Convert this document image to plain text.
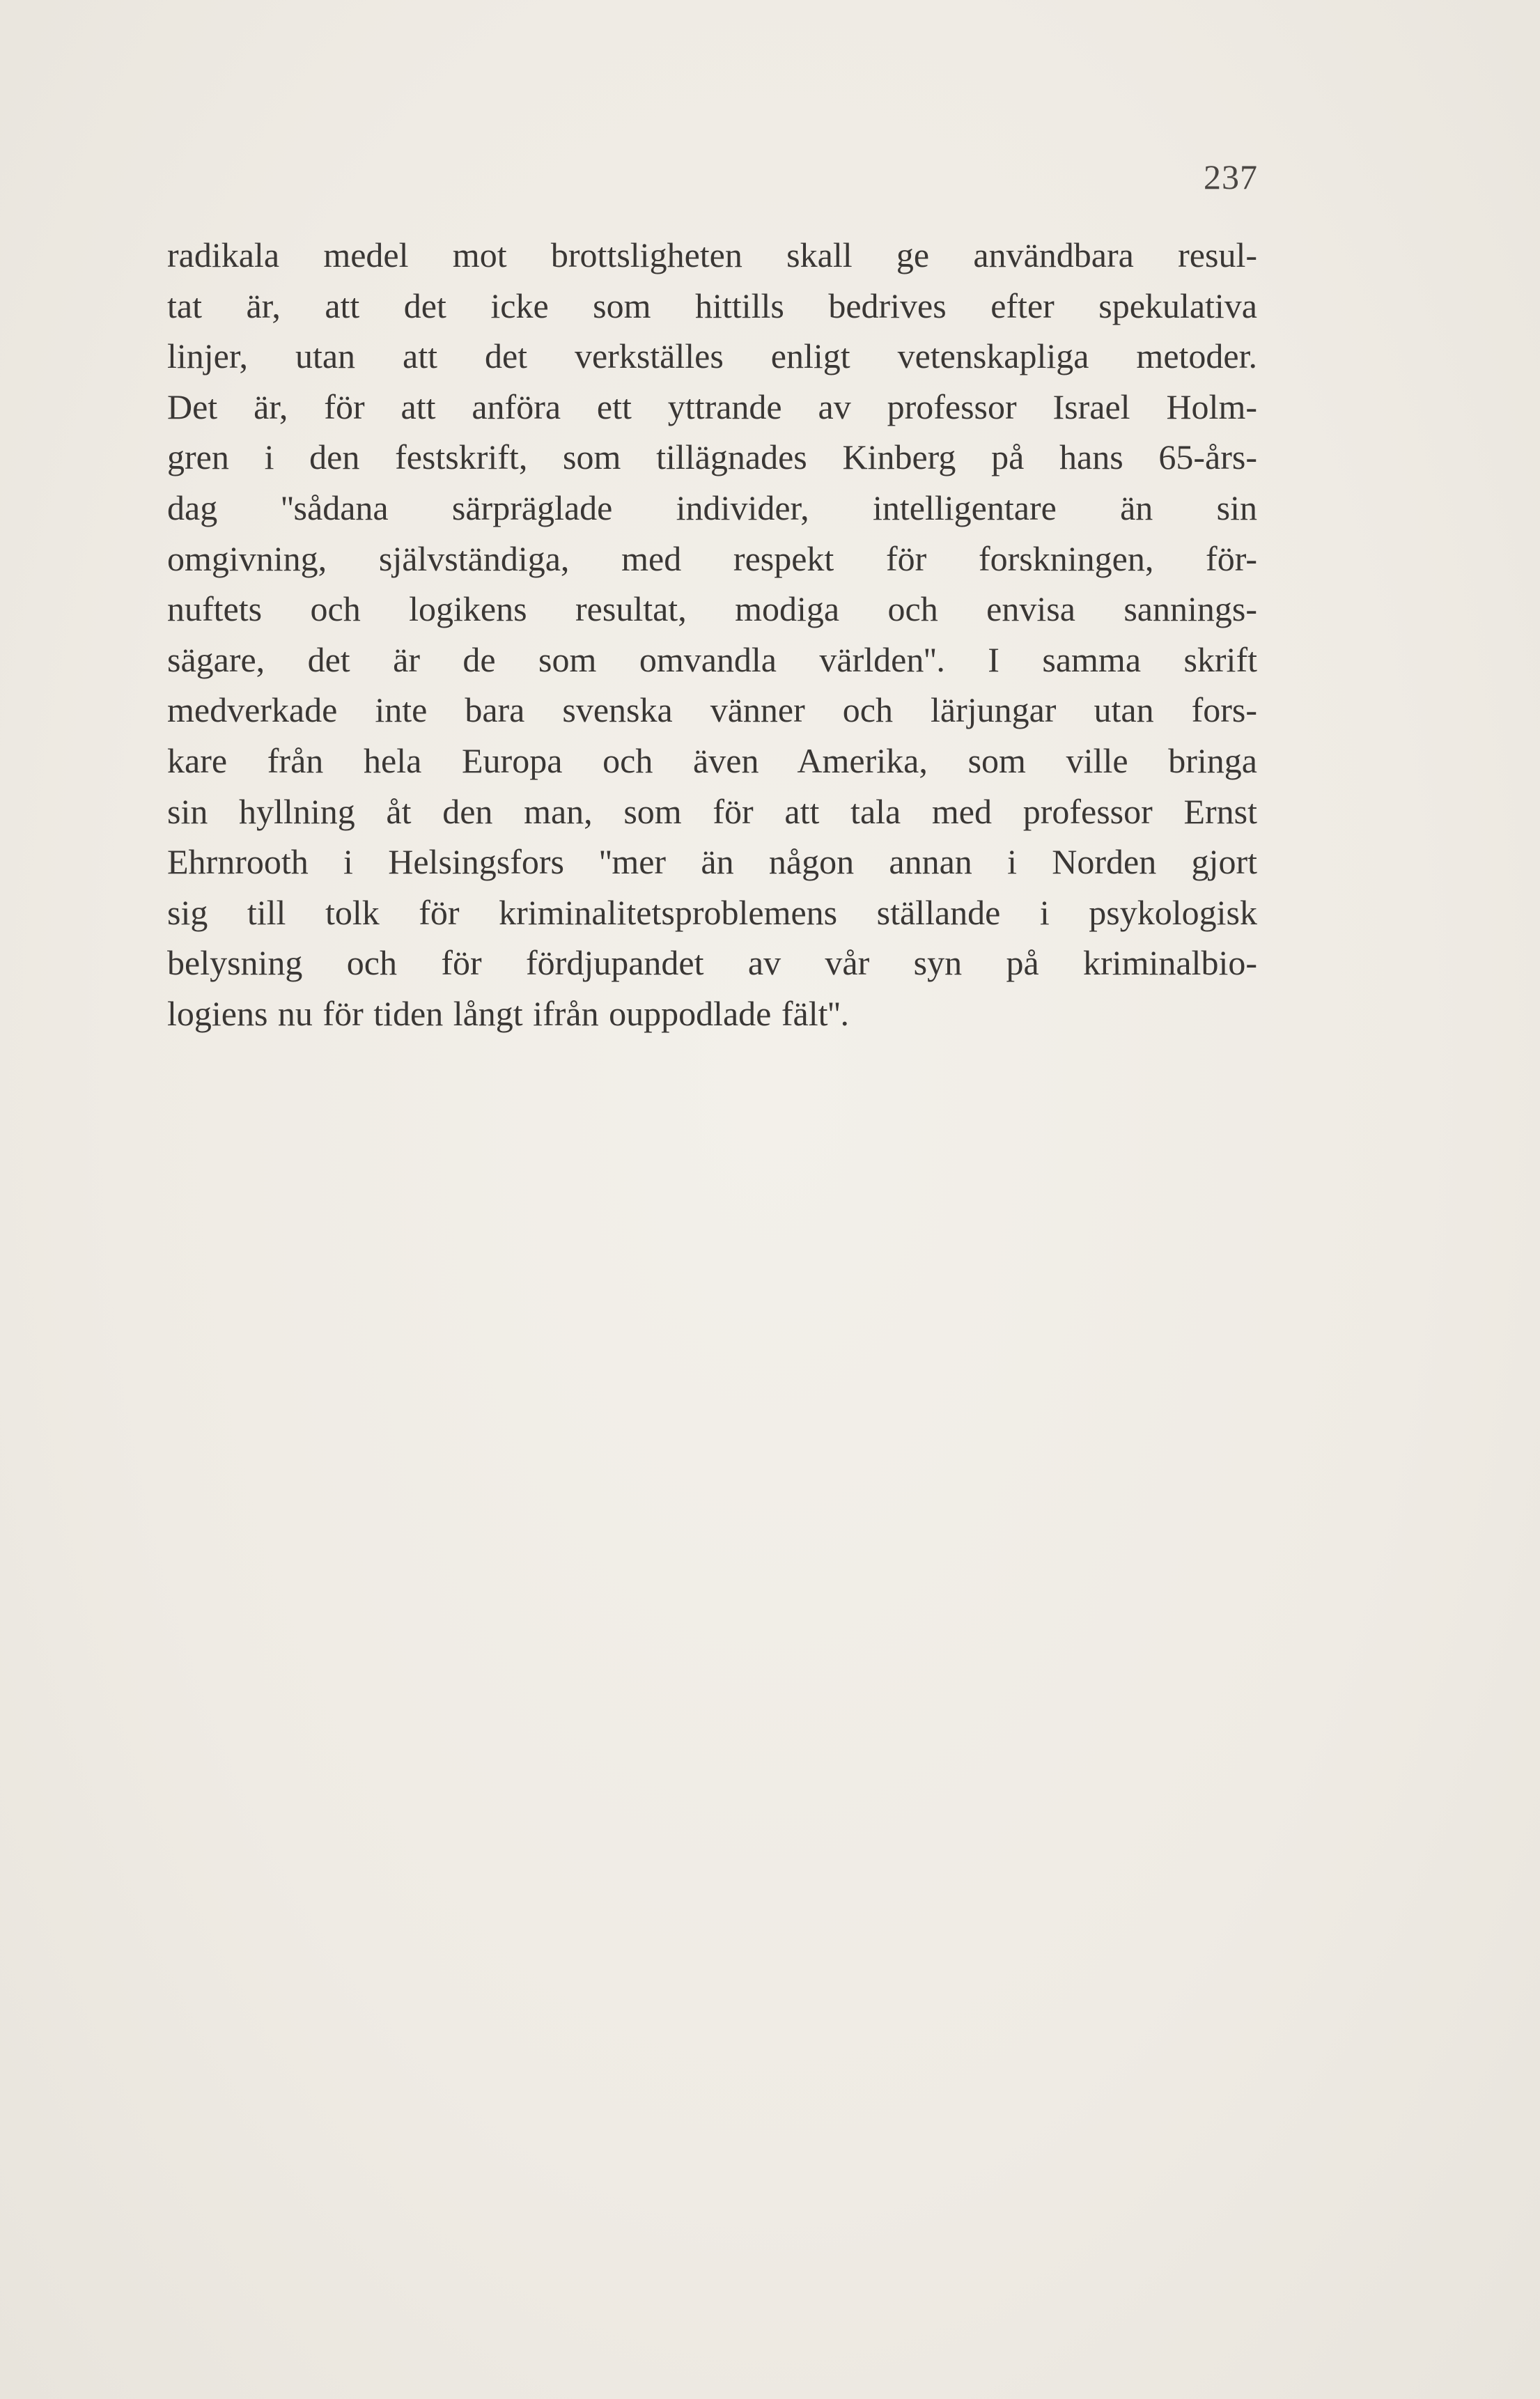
237
radikala medel mot brottsligheten skall ge användbara resul-
tat är, att det icke som hittills bedrives efter spekulativa
linjer, utan att det verkställes enligt vetenskapliga metoder.
Det är, för att anföra ett yttrande av professor Israel Holm-
gren i den festskrift, som tillägnades Kinberg på hans 65-års-
dag ''sådana särpräglade individer, intelligentare än sin
omgivning, självständiga, med respekt för forskningen, för-
nuftets och logikens resultat, modiga och envisa sannings-
sägare, det är de som omvandla världen''. I samma skrift
medverkade inte bara svenska vänner och lärjungar utan fors-
kare från hela Europa och även Amerika, som ville bringa
sin hyllning åt den man, som för att tala med professor Ernst
Ehrnrooth i Helsingsfors ''mer än någon annan i Norden gjort
sig till tolk för kriminalitetsproblemens ställande i psykologisk
belysning och för fördjupandet av vår syn på kriminalbio-
logiens nu för tiden långt ifrån ouppodlade fält''.
